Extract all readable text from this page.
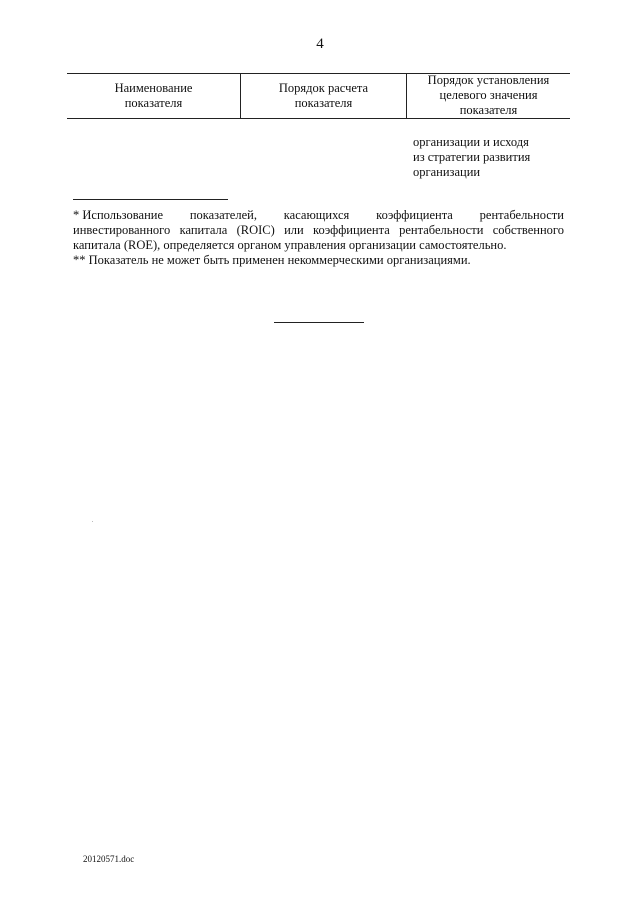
4
Наименование
показателя
Порядок расчета
показателя
Порядок установления
целевого значения
показателя
организации и исходя
из стратегии развития
организации
* Использование показателей, касающихся коэффициента рентабельности
инвестированного капитала (ROIC) или коэффициента рентабельности собственного
капитала (ROE), определяется органом управления организации самостоятельно.
** Показатель не может быть применен некоммерческими организациями.
20120571.doc
